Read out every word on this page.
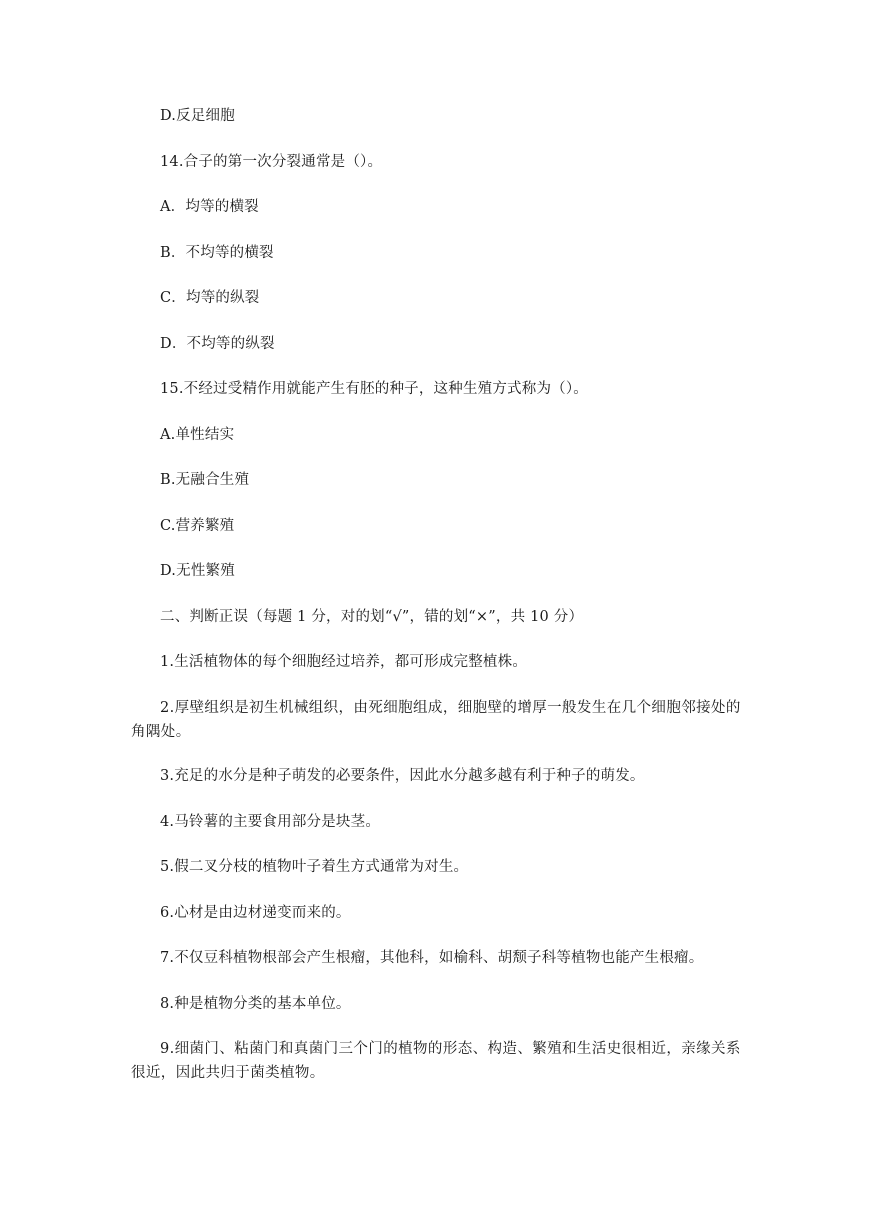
D.反足细胞
14.合子的第一次分裂通常是（）。
A．均等的横裂
B．不均等的横裂
C．均等的纵裂
D．不均等的纵裂
15.不经过受精作用就能产生有胚的种子，这种生殖方式称为（）。
A.单性结实
B.无融合生殖
C.营养繁殖
D.无性繁殖
二、判断正误（每题 1 分，对的划“√”，错的划“×”，共 10 分）
1.生活植物体的每个细胞经过培养，都可形成完整植株。
2.厚壁组织是初生机械组织，由死细胞组成，细胞壁的增厚一般发生在几个细胞邻接处的角隅处。
3.充足的水分是种子萌发的必要条件，因此水分越多越有利于种子的萌发。
4.马铃薯的主要食用部分是块茎。
5.假二叉分枝的植物叶子着生方式通常为对生。
6.心材是由边材递变而来的。
7.不仅豆科植物根部会产生根瘤，其他科，如榆科、胡颓子科等植物也能产生根瘤。
8.种是植物分类的基本单位。
9.细菌门、粘菌门和真菌门三个门的植物的形态、构造、繁殖和生活史很相近，亲缘关系很近，因此共归于菌类植物。
